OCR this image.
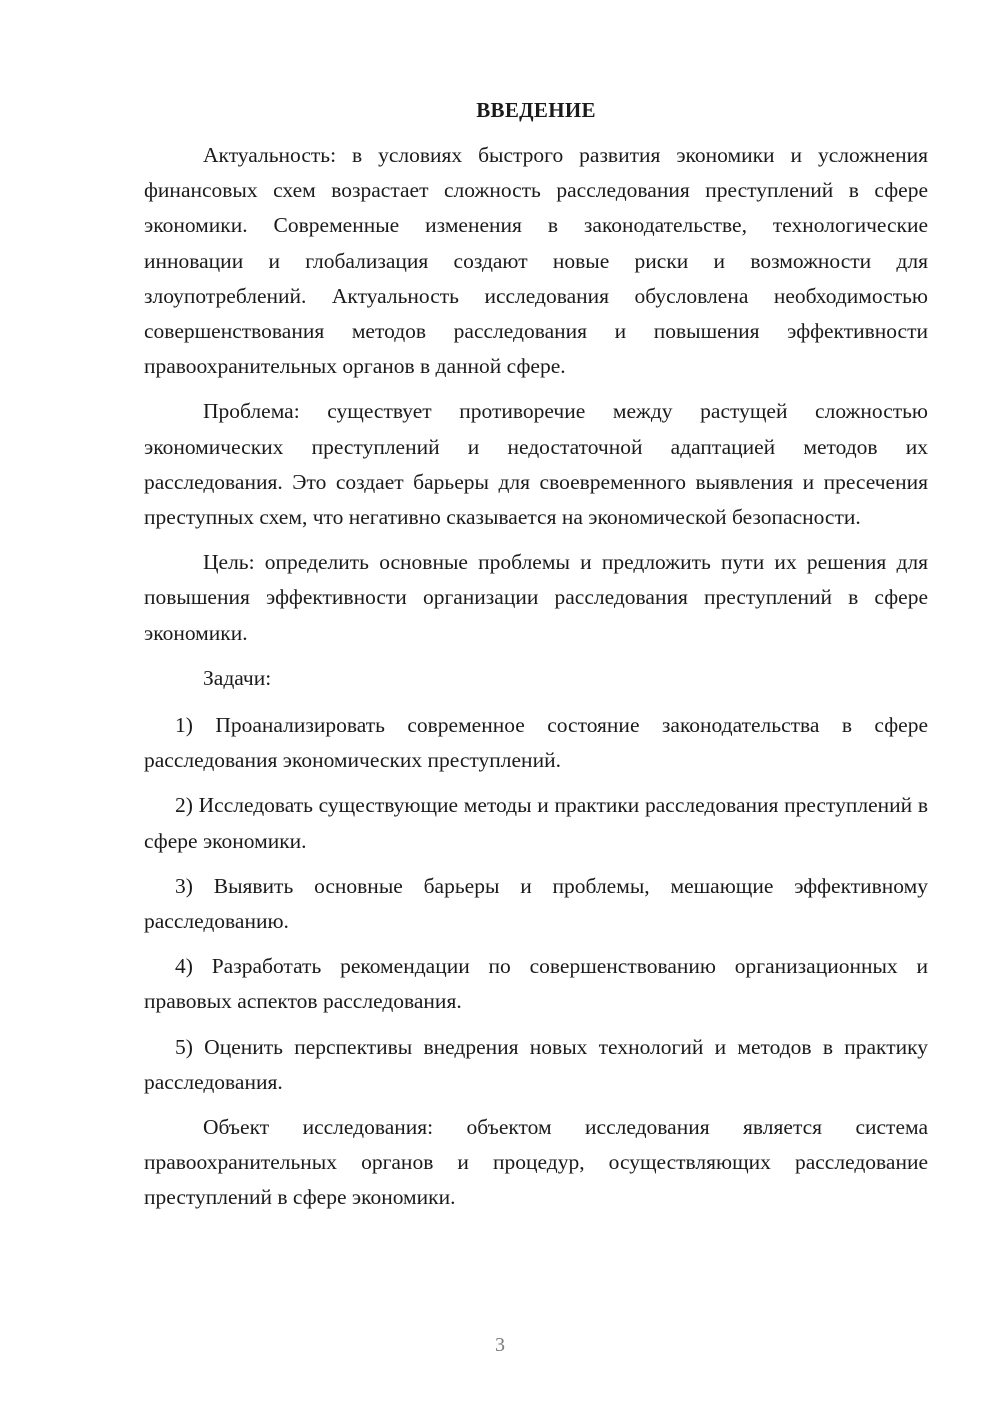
ВВЕДЕНИЕ

Актуальность: в условиях быстрого развития экономики и усложнения финансовых схем возрастает сложность расследования преступлений в сфере экономики. Современные изменения в законодательстве, технологические инновации и глобализация создают новые риски и возможности для злоупотреблений. Актуальность исследования обусловлена необходимостью совершенствования методов расследования и повышения эффективности правоохранительных органов в данной сфере.

Проблема: существует противоречие между растущей сложностью экономических преступлений и недостаточной адаптацией методов их расследования. Это создает барьеры для своевременного выявления и пресечения преступных схем, что негативно сказывается на экономической безопасности.

Цель: определить основные проблемы и предложить пути их решения для повышения эффективности организации расследования преступлений в сфере экономики.

Задачи:

1) Проанализировать современное состояние законодательства в сфере расследования экономических преступлений.

2) Исследовать существующие методы и практики расследования преступлений в сфере экономики.

3) Выявить основные барьеры и проблемы, мешающие эффективному расследованию.

4) Разработать рекомендации по совершенствованию организационных и правовых аспектов расследования.

5) Оценить перспективы внедрения новых технологий и методов в практику расследования.

Объект исследования: объектом исследования является система правоохранительных органов и процедур, осуществляющих расследование преступлений в сфере экономики.

3
